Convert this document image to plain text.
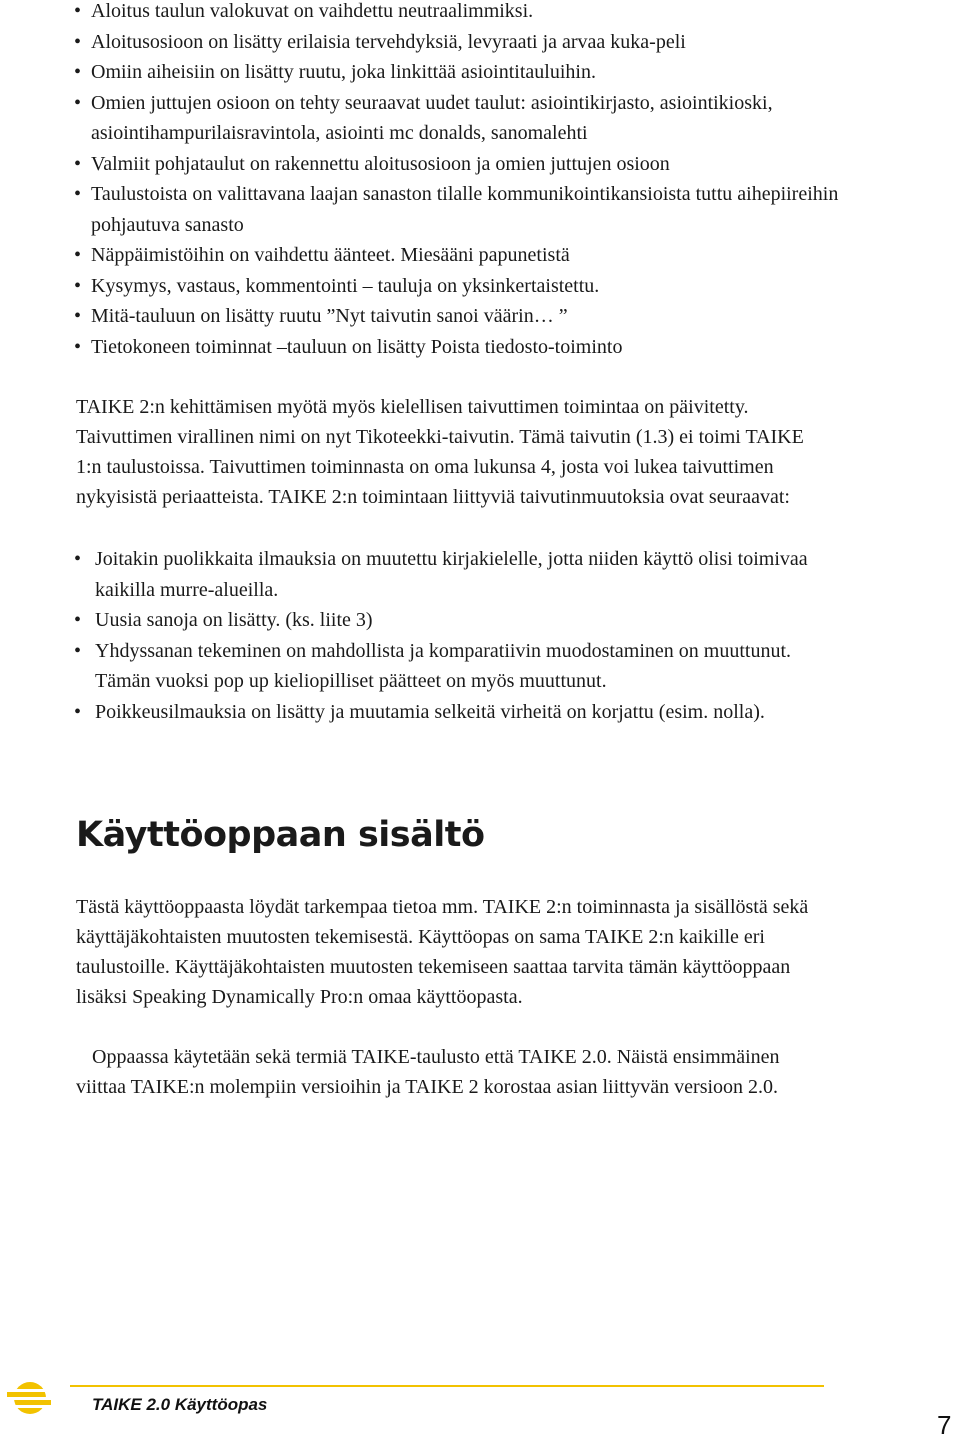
• Aloitus taulun valokuvat on vaihdettu neutraalimmiksi.
• Aloitusosioon on lisätty erilaisia tervehdyksiä, levyraati ja arvaa kuka-peli
• Omiin aiheisiin on lisätty ruutu, joka linkittää asiointitauluihin.
• Omien juttujen osioon on tehty seuraavat uudet taulut: asiointikirjasto, asiointikioski, asiointihampurilaisravintola, asiointi mc donalds, sanomalehti
• Valmiit pohjataulut on rakennettu aloitusosioon ja omien juttujen osioon
• Taulustoista on valittavana laajan sanaston tilalle kommunikointikansioista tuttu aihepiireihin pohjautuva sanasto
• Näppäimistöihin on vaihdettu äänteet. Miesääni papunetistä
• Kysymys, vastaus, kommentointi – tauluja on yksinkertaistettu.
• Mitä-tauluun on lisätty ruutu ”Nyt taivutin sanoi väärin… ”
• Tietokoneen toiminnat –tauluun on lisätty Poista tiedosto-toiminto

TAIKE 2:n kehittämisen myötä myös kielellisen taivuttimen toimintaa on päivitetty. Taivuttimen virallinen nimi on nyt Tikoteekki-taivutin. Tämä taivutin (1.3) ei toimi TAIKE 1:n taulustoissa. Taivuttimen toiminnasta on oma lukunsa 4, josta voi lukea taivuttimen nykyisistä periaatteista. TAIKE 2:n toimintaan liittyviä taivutinmuutoksia ovat seuraavat:

• Joitakin puolikkaita ilmauksia on muutettu kirjakielelle, jotta niiden käyttö olisi toimivaa kaikilla murre-alueilla.
• Uusia sanoja on lisätty. (ks. liite 3)
• Yhdyssanan tekeminen on mahdollista ja komparatiivin muodostaminen on muuttunut. Tämän vuoksi pop up kieliopilliset päätteet on myös muuttunut.
• Poikkeusilmauksia on lisätty ja muutamia selkeitä virheitä on korjattu (esim. nolla).
Käyttöoppaan sisältö

Tästä käyttöoppaasta löydät tarkempaa tietoa mm. TAIKE 2:n toiminnasta ja sisällöstä sekä käyttäjäkohtaisten muutosten tekemisestä. Käyttöopas on sama TAIKE 2:n kaikille eri taulustoille. Käyttäjäkohtaisten muutosten tekemiseen saattaa tarvita tämän käyttöoppaan lisäksi Speaking Dynamically Pro:n omaa käyttöopasta.

Oppaassa käytetään sekä termiä TAIKE-taulusto että TAIKE 2.0. Näistä ensimmäinen viittaa TAIKE:n molempiin versioihin ja TAIKE 2 korostaa asian liittyvän versioon 2.0.

TAIKE 2.0 Käyttöopas

7
